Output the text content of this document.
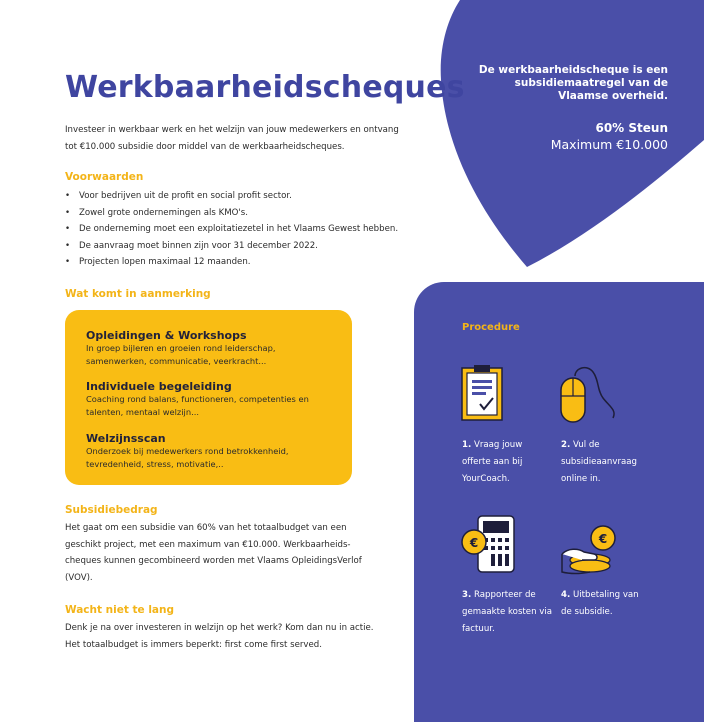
De werkbaarheidscheque is een subsidiemaatregel van de Vlaamse overheid.
60% Steun
Maximum €10.000
Werkbaarheidscheques
Investeer in werkbaar werk en het welzijn van jouw medewerkers en ontvang tot €10.000 subsidie door middel van de werkbaarheidscheques.
Voorwaarden
• Voor bedrijven uit de profit en social profit sector.
• Zowel grote ondernemingen als KMO's.
• De onderneming moet een exploitatiezetel in het Vlaams Gewest hebben.
• De aanvraag moet binnen zijn voor 31 december 2022.
• Projecten lopen maximaal 12 maanden.
Wat komt in aanmerking
Opleidingen & Workshops
In groep bijleren en groeien rond leiderschap, samenwerken, communicatie, veerkracht...
Individuele begeleiding
Coaching rond balans, functioneren, competenties en talenten, mentaal welzijn...
Welzijnsscan
Onderzoek bij medewerkers rond betrokkenheid, tevredenheid, stress, motivatie,..
Subsidiebedrag
Het gaat om een subsidie van 60% van het totaalbudget van een geschikt project, met een maximum van €10.000. Werkbaarheids-cheques kunnen gecombineerd worden met Vlaams OpleidingsVerlof (VOV).
Wacht niet te lang
Denk je na over investeren in welzijn op het werk? Kom dan nu in actie. Het totaalbudget is immers beperkt: first come first served.
Procedure
1. Vraag jouw offerte aan bij YourCoach.
2. Vul de subsidieaanvraag online in.
€	€
3. Rapporteer de gemaakte kosten via factuur.
4. Uitbetaling van de subsidie.
